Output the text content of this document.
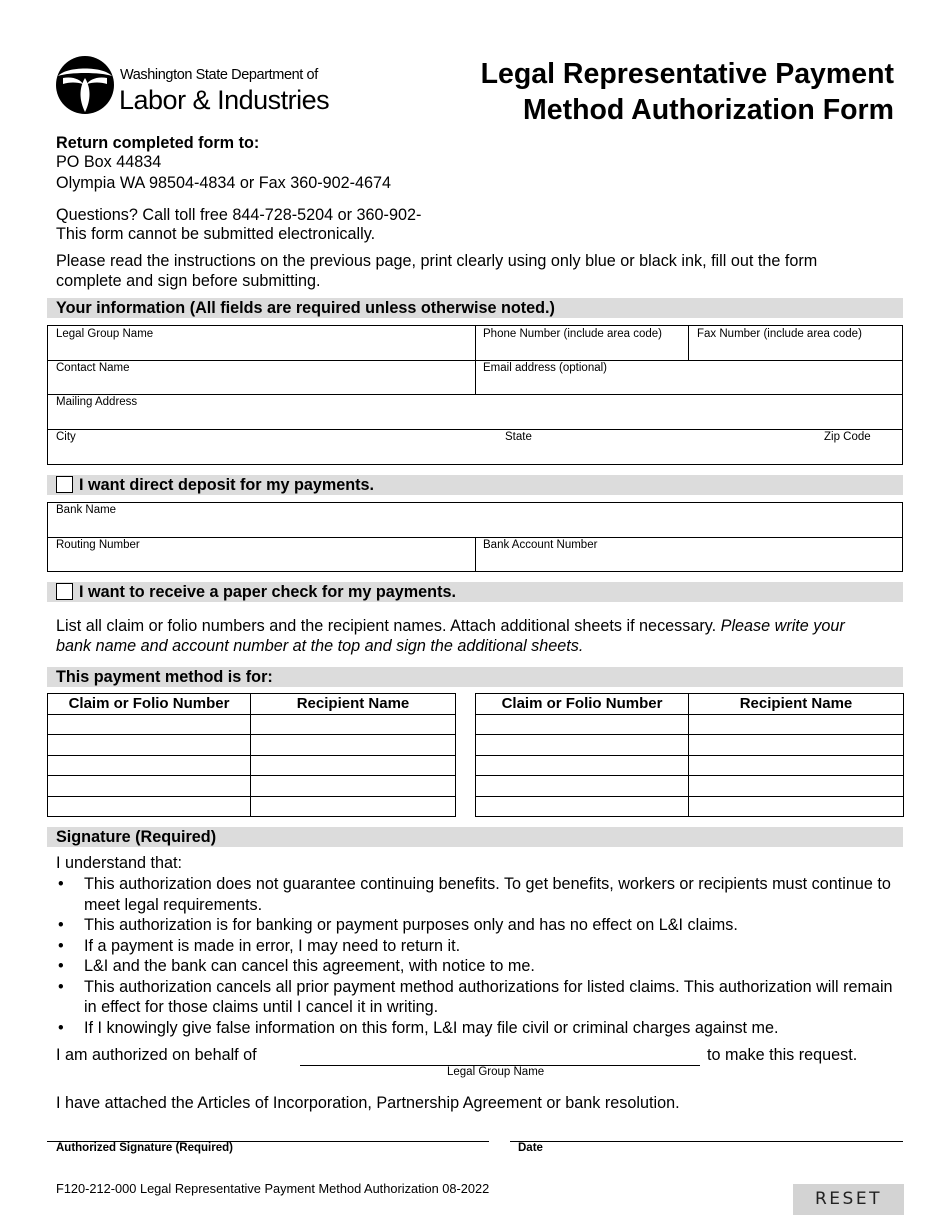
Washington State Department of
Labor & Industries
Legal Representative Payment
Method Authorization Form
Return completed form to:
PO Box 44834
Olympia WA 98504-4834 or Fax 360-902-4674
Questions? Call toll free 844-728-5204 or 360-902-
This form cannot be submitted electronically.
Please read the instructions on the previous page, print clearly using only blue or black ink, fill out the form
complete and sign before submitting.
Your information (All fields are required unless otherwise noted.)
Legal Group Name	Phone Number (include area code)	Fax Number (include area code)
Contact Name	Email address (optional)
Mailing Address
City	State	Zip Code
I want direct deposit for my payments.
Bank Name
Routing Number	Bank Account Number
I want to receive a paper check for my payments.
List all claim or folio numbers and the recipient names. Attach additional sheets if necessary. Please write your
bank name and account number at the top and sign the additional sheets.
This payment method is for:
Claim or Folio Number	Recipient Name

		Claim or Folio Number	Recipient Name

Signature (Required)
I understand that:
• This authorization does not guarantee continuing benefits. To get benefits, workers or recipients must continue to meet legal requirements.
• This authorization is for banking or payment purposes only and has no effect on L&I claims.
• If a payment is made in error, I may need to return it.
• L&I and the bank can cancel this agreement, with notice to me.
• This authorization cancels all prior payment method authorizations for listed claims. This authorization will remain in effect for those claims until I cancel it in writing.
• If I knowingly give false information on this form, L&I may file civil or criminal charges against me.
I am authorized on behalf of	to make this request.
Legal Group Name
I have attached the Articles of Incorporation, Partnership Agreement or bank resolution.
Authorized Signature (Required)	Date
F120-212-000 Legal Representative Payment Method Authorization 08-2022
RESET
